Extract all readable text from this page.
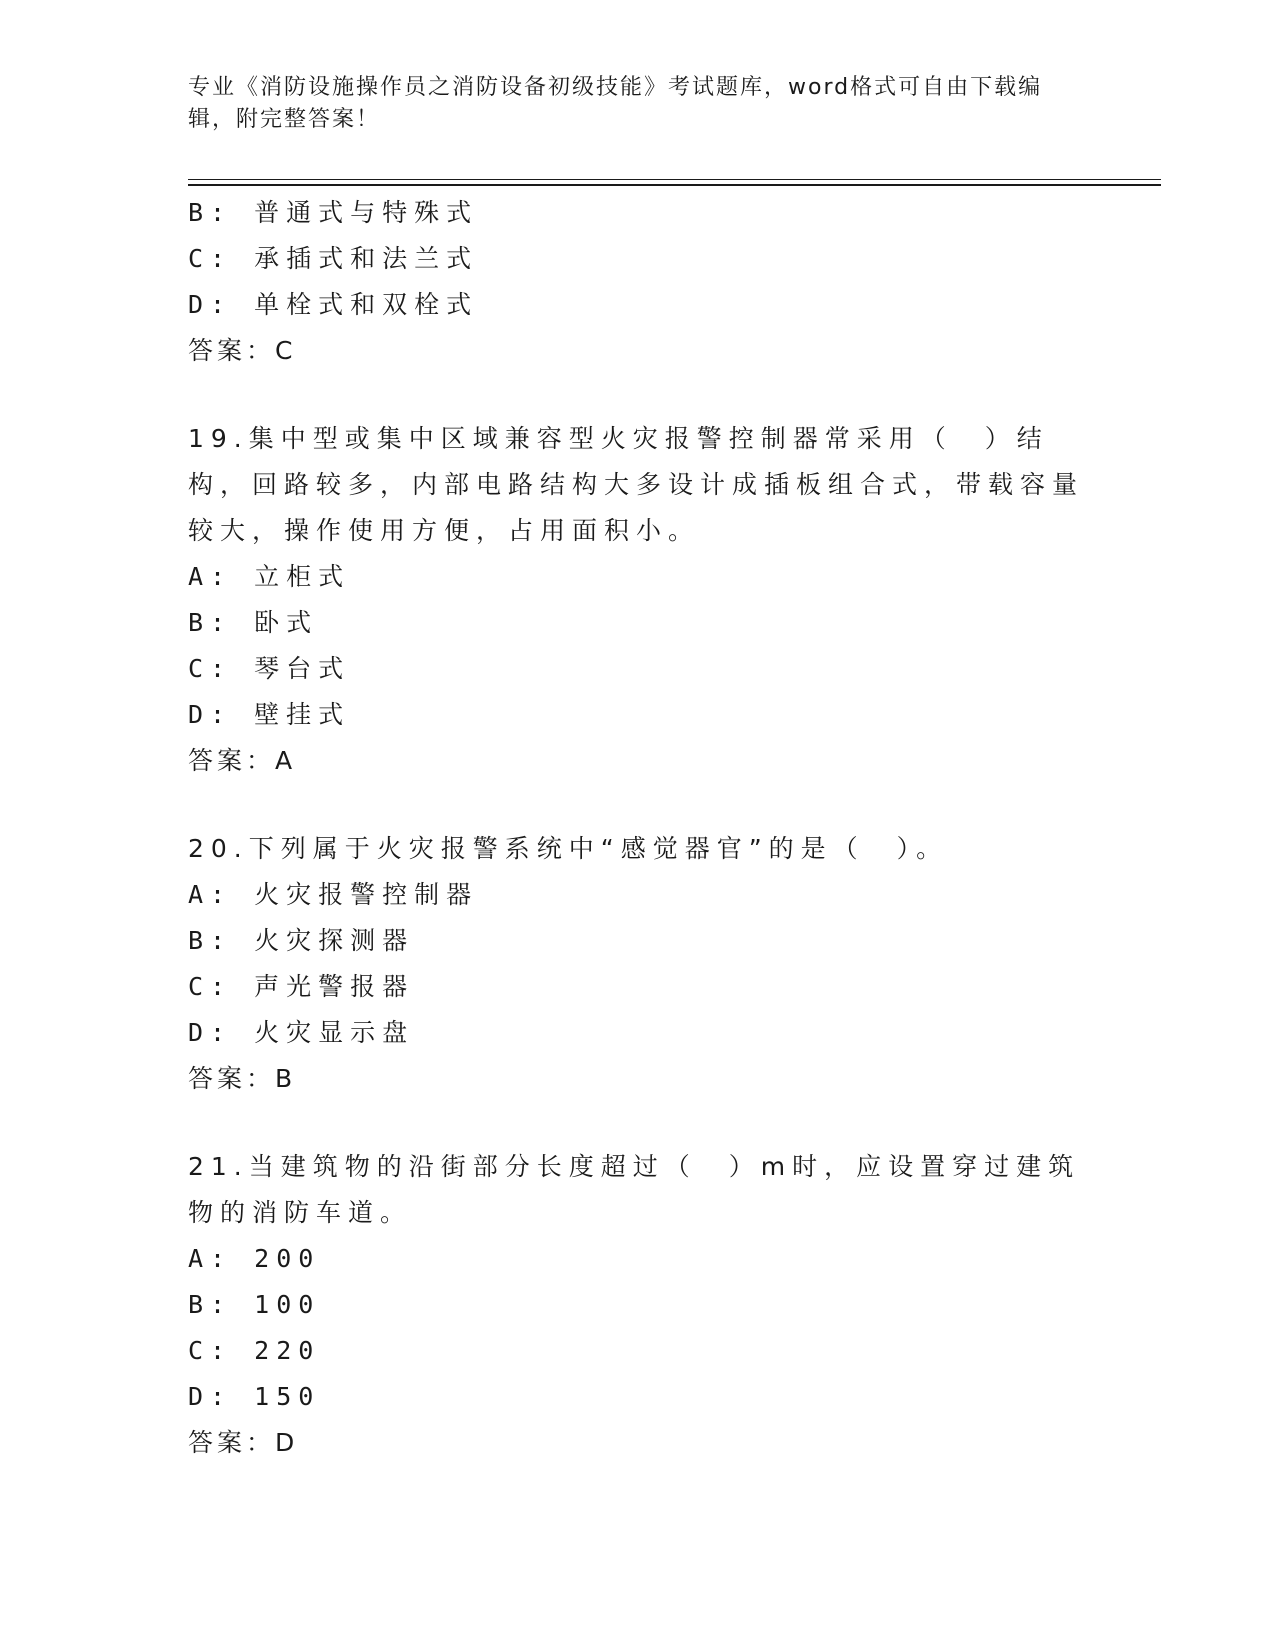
专业《消防设施操作员之消防设备初级技能》考试题库，word格式可自由下载编辑，附完整答案！
B: 普通式与特殊式
C: 承插式和法兰式
D: 单栓式和双栓式
答案：C
19.集中型或集中区域兼容型火灾报警控制器常采用（　）结构，回路较多，内部电路结构大多设计成插板组合式，带载容量较大，操作使用方便，占用面积小。
A: 立柜式
B: 卧式
C: 琴台式
D: 壁挂式
答案：A
20.下列属于火灾报警系统中“感觉器官”的是（　）。
A: 火灾报警控制器
B: 火灾探测器
C: 声光警报器
D: 火灾显示盘
答案：B
21.当建筑物的沿街部分长度超过（　）m时，应设置穿过建筑物的消防车道。
A: 200
B: 100
C: 220
D: 150
答案：D
